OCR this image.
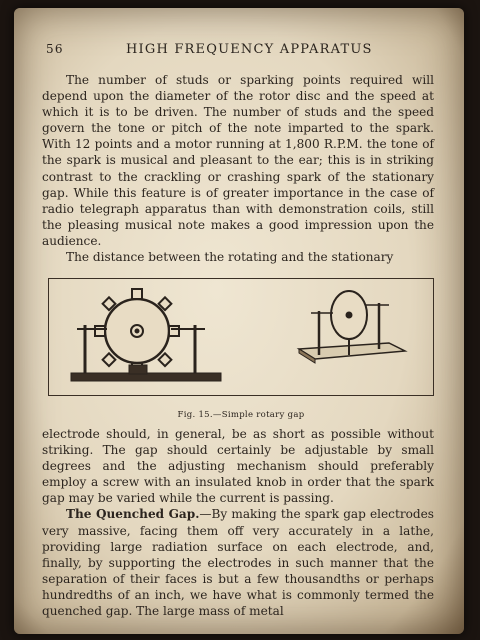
56	HIGH FREQUENCY APPARATUS

The number of studs or sparking points required will depend upon the diameter of the rotor disc and the speed at which it is to be driven. The number of studs and the speed govern the tone or pitch of the note imparted to the spark. With 12 points and a motor running at 1,800 R.P.M. the tone of the spark is musical and pleasant to the ear; this is in striking contrast to the crackling or crashing spark of the stationary gap. While this feature is of greater importance in the case of radio telegraph apparatus than with demonstration coils, still the pleasing musical note makes a good impression upon the audience.

The distance between the rotating and the stationary

Fig. 15.—Simple rotary gap

electrode should, in general, be as short as possible without striking. The gap should certainly be adjustable by small degrees and the adjusting mechanism should preferably employ a screw with an insulated knob in order that the spark gap may be varied while the current is passing.

The Quenched Gap.—By making the spark gap electrodes very massive, facing them off very accurately in a lathe, providing large radiation surface on each electrode, and, finally, by supporting the electrodes in such manner that the separation of their faces is but a few thousandths or perhaps hundredths of an inch, we have what is commonly termed the quenched gap. The large mass of metal
